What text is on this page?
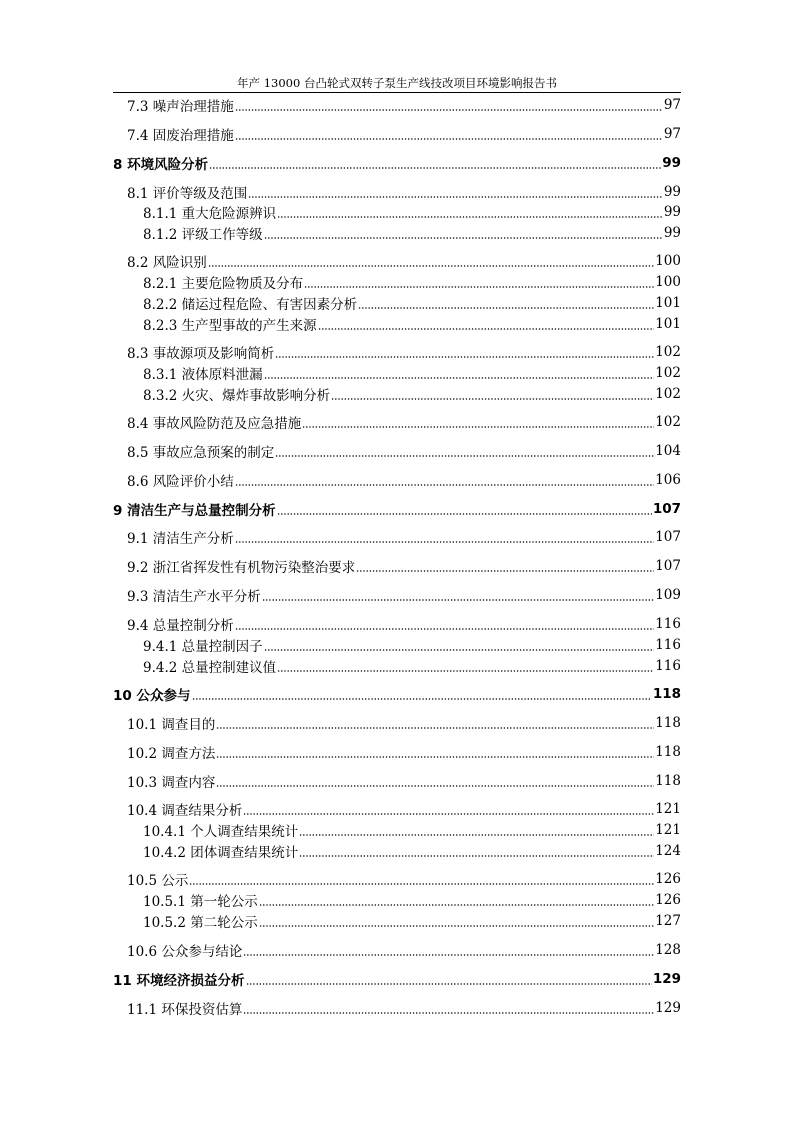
年产 13000 台凸轮式双转子泵生产线技改项目环境影响报告书
7.3 噪声治理措施	97
7.4 固废治理措施	97
8 环境风险分析	99
8.1 评价等级及范围	99
8.1.1 重大危险源辨识	99
8.1.2 评级工作等级	99
8.2 风险识别	100
8.2.1 主要危险物质及分布	100
8.2.2 储运过程危险、有害因素分析	101
8.2.3 生产型事故的产生来源	101
8.3 事故源项及影响简析	102
8.3.1 液体原料泄漏	102
8.3.2 火灾、爆炸事故影响分析	102
8.4 事故风险防范及应急措施	102
8.5 事故应急预案的制定	104
8.6 风险评价小结	106
9 清洁生产与总量控制分析	107
9.1 清洁生产分析	107
9.2 浙江省挥发性有机物污染整治要求	107
9.3 清洁生产水平分析	109
9.4 总量控制分析	116
9.4.1 总量控制因子	116
9.4.2 总量控制建议值	116
10 公众参与	118
10.1 调查目的	118
10.2 调查方法	118
10.3 调查内容	118
10.4 调查结果分析	121
10.4.1 个人调查结果统计	121
10.4.2 团体调查结果统计	124
10.5 公示	126
10.5.1 第一轮公示	126
10.5.2 第二轮公示	127
10.6 公众参与结论	128
11 环境经济损益分析	129
11.1 环保投资估算	129
